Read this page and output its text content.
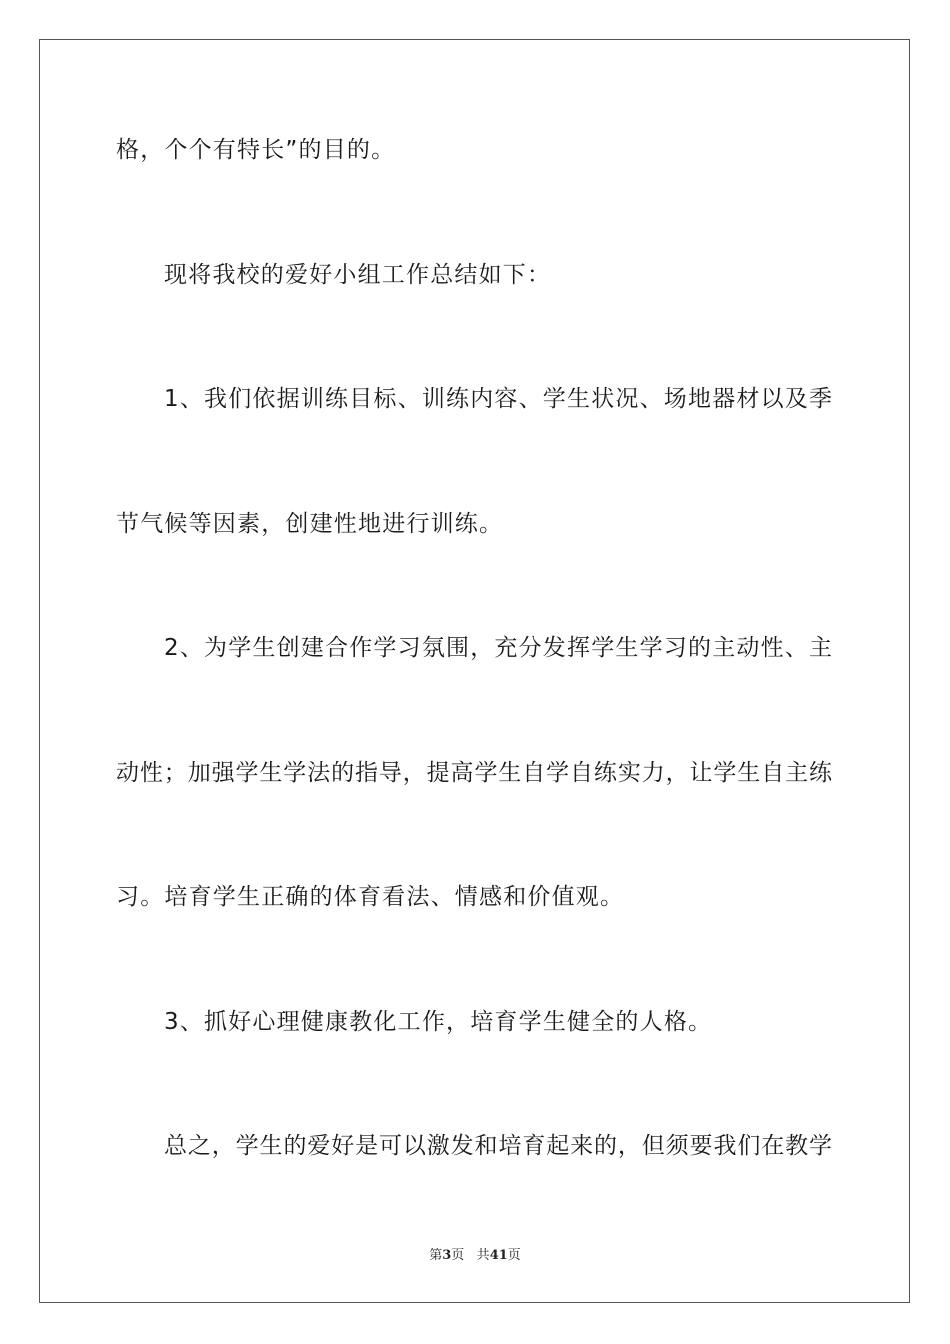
格，个个有特长”的目的。

现将我校的爱好小组工作总结如下：

1、我们依据训练目标、训练内容、学生状况、场地器材以及季

节气候等因素，创建性地进行训练。

2、为学生创建合作学习氛围，充分发挥学生学习的主动性、主

动性；加强学生学法的指导，提高学生自学自练实力，让学生自主练

习。培育学生正确的体育看法、情感和价值观。

3、抓好心理健康教化工作，培育学生健全的人格。

总之，学生的爱好是可以激发和培育起来的，但须要我们在教学

第3页 共41页
